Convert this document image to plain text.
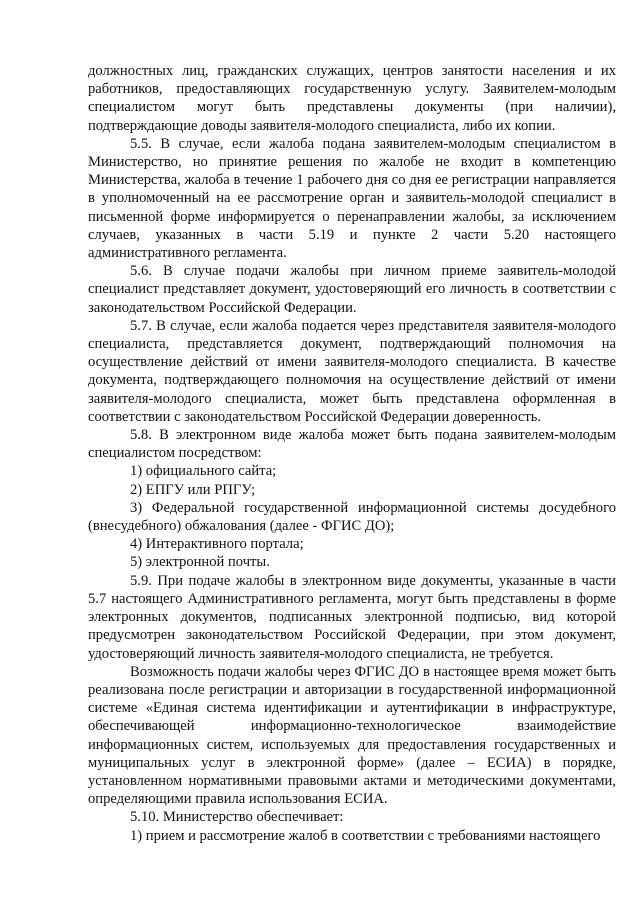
должностных лиц, гражданских служащих, центров занятости населения и их работников, предоставляющих государственную услугу. Заявителем-молодым специалистом могут быть представлены документы (при наличии), подтверждающие доводы заявителя-молодого специалиста, либо их копии.

5.5. В случае, если жалоба подана заявителем-молодым специалистом в Министерство, но принятие решения по жалобе не входит в компетенцию Министерства, жалоба в течение 1 рабочего дня со дня ее регистрации направляется в уполномоченный на ее рассмотрение орган и заявитель-молодой специалист в письменной форме информируется о перенаправлении жалобы, за исключением случаев, указанных в части 5.19 и пункте 2 части 5.20 настоящего административного регламента.

5.6. В случае подачи жалобы при личном приеме заявитель-молодой специалист представляет документ, удостоверяющий его личность в соответствии с законодательством Российской Федерации.

5.7. В случае, если жалоба подается через представителя заявителя-молодого специалиста, представляется документ, подтверждающий полномочия на осуществление действий от имени заявителя-молодого специалиста. В качестве документа, подтверждающего полномочия на осуществление действий от имени заявителя-молодого специалиста, может быть представлена оформленная в соответствии с законодательством Российской Федерации доверенность.

5.8. В электронном виде жалоба может быть подана заявителем-молодым специалистом посредством:

1) официального сайта;

2) ЕПГУ или РПГУ;

3) Федеральной государственной информационной системы досудебного (внесудебного) обжалования (далее - ФГИС ДО);

4) Интерактивного портала;

5) электронной почты.

5.9. При подаче жалобы в электронном виде документы, указанные в части 5.7 настоящего Административного регламента, могут быть представлены в форме электронных документов, подписанных электронной подписью, вид которой предусмотрен законодательством Российской Федерации, при этом документ, удостоверяющий личность заявителя-молодого специалиста, не требуется.

Возможность подачи жалобы через ФГИС ДО в настоящее время может быть реализована после регистрации и авторизации в государственной информационной системе «Единая система идентификации и аутентификации в инфраструктуре, обеспечивающей информационно-технологическое взаимодействие информационных систем, используемых для предоставления государственных и муниципальных услуг в электронной форме» (далее – ЕСИА) в порядке, установленном нормативными правовыми актами и методическими документами, определяющими правила использования ЕСИА.

5.10. Министерство обеспечивает:

1) прием и рассмотрение жалоб в соответствии с требованиями настоящего
